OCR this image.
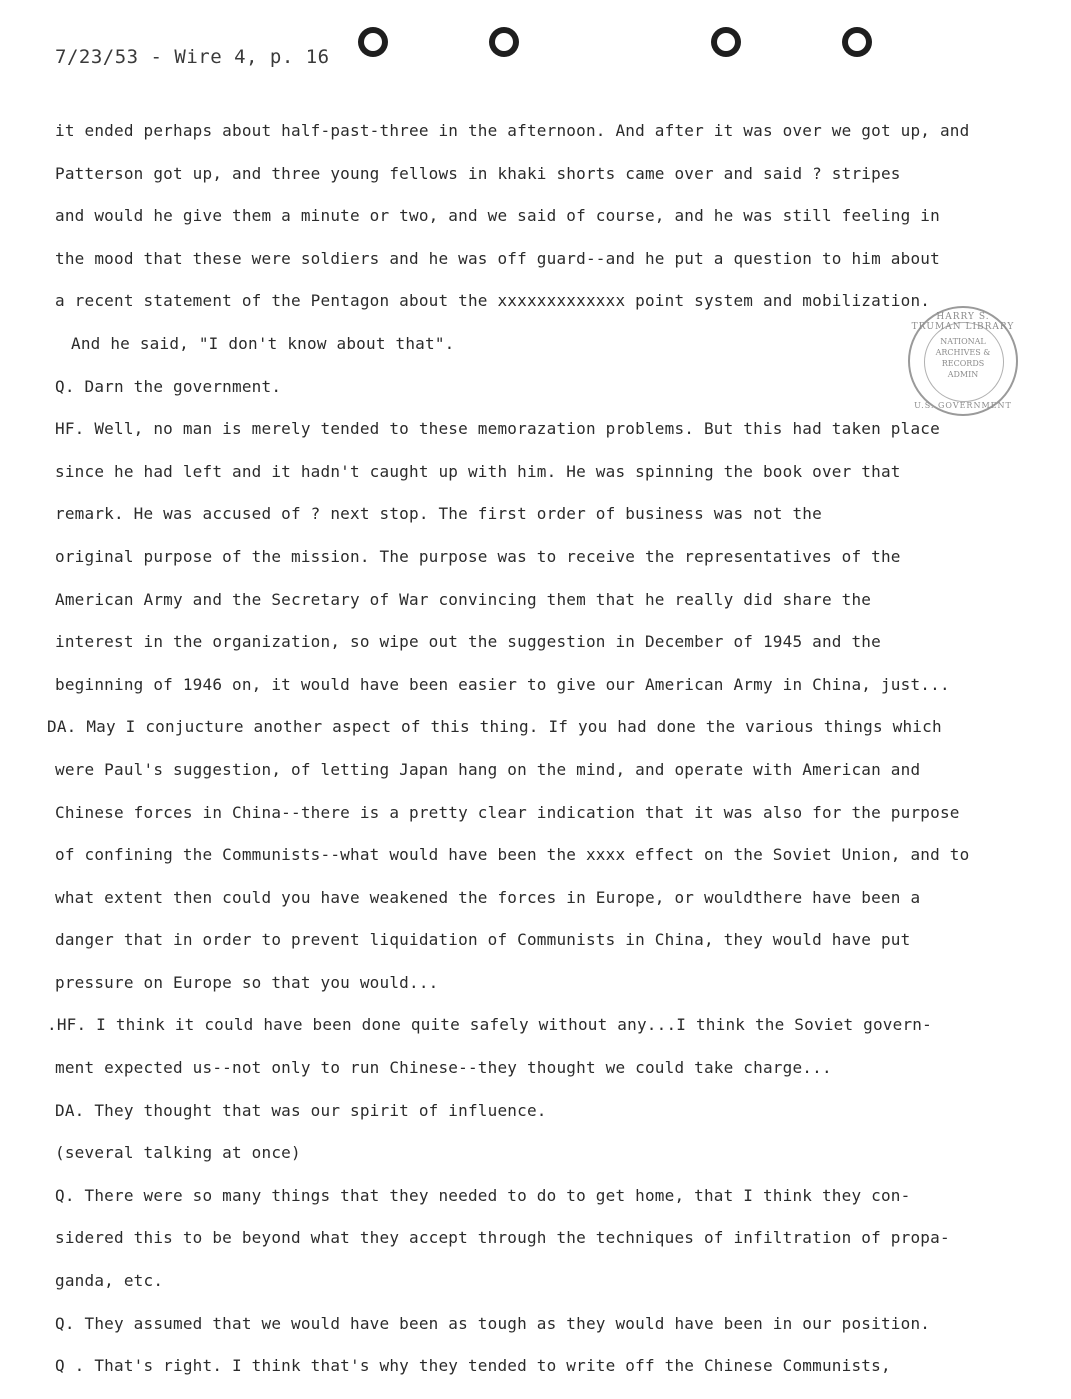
7/23/53 - Wire 4, p. 16
HARRY S. TRUMAN LIBRARY
NATIONAL
ARCHIVES &
RECORDS
ADMIN
U.S. GOVERNMENT
it ended perhaps about half-past-three in the afternoon. And after it was over we got up, and
Patterson got up, and three young fellows in khaki shorts came over and said ? stripes
and would he give them a minute or two, and we said of course, and he was still feeling in
the mood that these were soldiers and he was off guard--and he put a question to him about
a recent statement of the Pentagon about the xxxxxxxxxxxxx point system and mobilization.
And he said, "I don't know about that".
Q. Darn the government.
HF. Well, no man is merely tended to these memorazation problems. But this had taken place
since he had left and it hadn't caught up with him. He was spinning the book over that
remark. He was accused of ? next stop. The first order of business was not the
original purpose of the mission. The purpose was to receive the representatives of the
American Army and the Secretary of War convincing them that he really did share the
interest in the organization, so wipe out the suggestion in December of 1945 and the
beginning of 1946 on, it would have been easier to give our American Army in China, just...
DA. May I conjucture another aspect of this thing. If you had done the various things which
were Paul's suggestion, of letting Japan hang on the mind, and operate with American and
Chinese forces in China--there is a pretty clear indication that it was also for the purpose
of confining the Communists--what would have been the xxxx effect on the Soviet Union, and to
what extent then could you have weakened the forces in Europe, or wouldthere have been a
danger that in order to prevent liquidation of Communists in China, they would have put
pressure on Europe so that you would...
.HF. I think it could have been done quite safely without any...I think the Soviet govern-
ment expected us--not only to run Chinese--they thought we could take charge...
DA. They thought that was our spirit of influence.
(several talking at once)
Q. There were so many things that they needed to do to get home, that I think they con-
sidered this to be beyond what they accept through the techniques of infiltration of propa-
ganda, etc.
Q. They assumed that we would have been as tough as they would have been in our position.
Q . That's right. I think that's why they tended to write off the Chinese Communists,
